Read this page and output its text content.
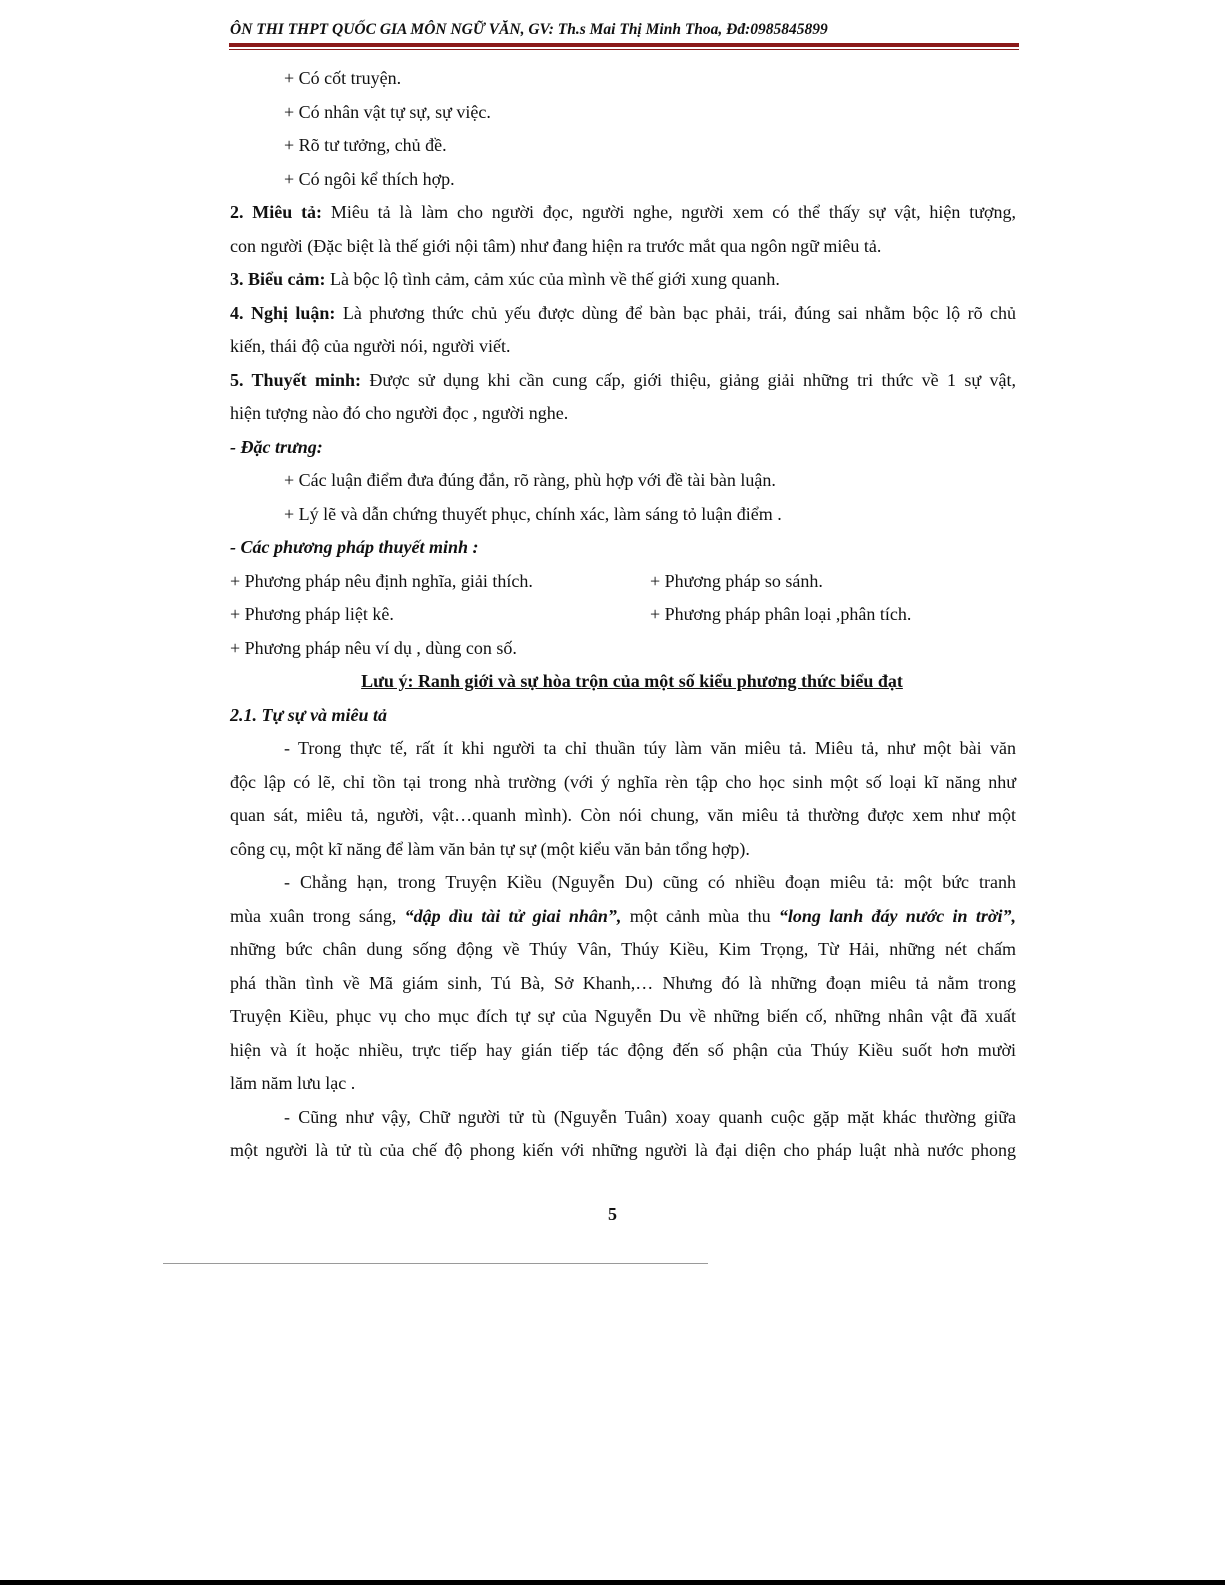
ÔN THI THPT QUỐC GIA MÔN NGỮ VĂN, GV: Th.s Mai Thị Minh Thoa, Đđ:0985845899
+ Có cốt truyện.
+ Có nhân vật tự sự, sự việc.
+ Rõ tư tưởng, chủ đề.
+ Có ngôi kể thích hợp.
2. Miêu tả: Miêu tả là làm cho người đọc, người nghe, người xem có thể thấy sự vật, hiện tượng,
con người (Đặc biệt là thế giới nội tâm) như đang hiện ra trước mắt qua ngôn ngữ miêu tả.
3. Biểu cảm: Là bộc lộ tình cảm, cảm xúc của mình về thế giới xung quanh.
4. Nghị luận: Là phương thức chủ yếu được dùng để bàn bạc phải, trái, đúng sai nhằm bộc lộ rõ chủ
kiến, thái độ của người nói, người viết.
5. Thuyết minh: Được sử dụng khi cần cung cấp, giới thiệu, giảng giải những tri thức về 1 sự vật,
hiện tượng nào đó cho người đọc , người nghe.
- Đặc trưng:
+ Các luận điểm đưa đúng đắn, rõ ràng, phù hợp với đề tài bàn luận.
+ Lý lẽ và dẫn chứng thuyết phục, chính xác, làm sáng tỏ luận điểm .
- Các phương pháp thuyết minh :
+ Phương pháp nêu định nghĩa, giải thích.	+ Phương pháp so sánh.
+ Phương pháp liệt kê.	+ Phương pháp phân loại ,phân tích.
+ Phương pháp nêu ví dụ , dùng con số.
Lưu ý: Ranh giới và sự hòa trộn của một số kiểu phương thức biểu đạt
2.1. Tự sự và miêu tả
- Trong thực tế, rất ít khi người ta chỉ thuần túy làm văn miêu tả. Miêu tả, như một bài văn
độc lập có lẽ, chỉ tồn tại trong nhà trường (với ý nghĩa rèn tập cho học sinh một số loại kĩ năng như
quan sát, miêu tả, người, vật…quanh mình). Còn nói chung, văn miêu tả thường được xem như một
công cụ, một kĩ năng để làm văn bản tự sự (một kiểu văn bản tổng hợp).
- Chẳng hạn, trong Truyện Kiều (Nguyễn Du) cũng có nhiều đoạn miêu tả: một bức tranh
mùa xuân trong sáng, “dập dìu tài tử giai nhân”, một cảnh mùa thu “long lanh đáy nước in trời”,
những bức chân dung sống động về Thúy Vân, Thúy Kiều, Kim Trọng, Từ Hải, những nét chấm
phá thần tình về Mã giám sinh, Tú Bà, Sở Khanh,… Nhưng đó là những đoạn miêu tả nằm trong
Truyện Kiều, phục vụ cho mục đích tự sự của Nguyễn Du về những biến cố, những nhân vật đã xuất
hiện và ít hoặc nhiều, trực tiếp hay gián tiếp tác động đến số phận của Thúy Kiều suốt hơn mười
lăm năm lưu lạc .
- Cũng như vậy, Chữ người tử tù (Nguyễn Tuân) xoay quanh cuộc gặp mặt khác thường giữa
một người là tử tù của chế độ phong kiến với những người là đại diện cho pháp luật nhà nước phong
5
